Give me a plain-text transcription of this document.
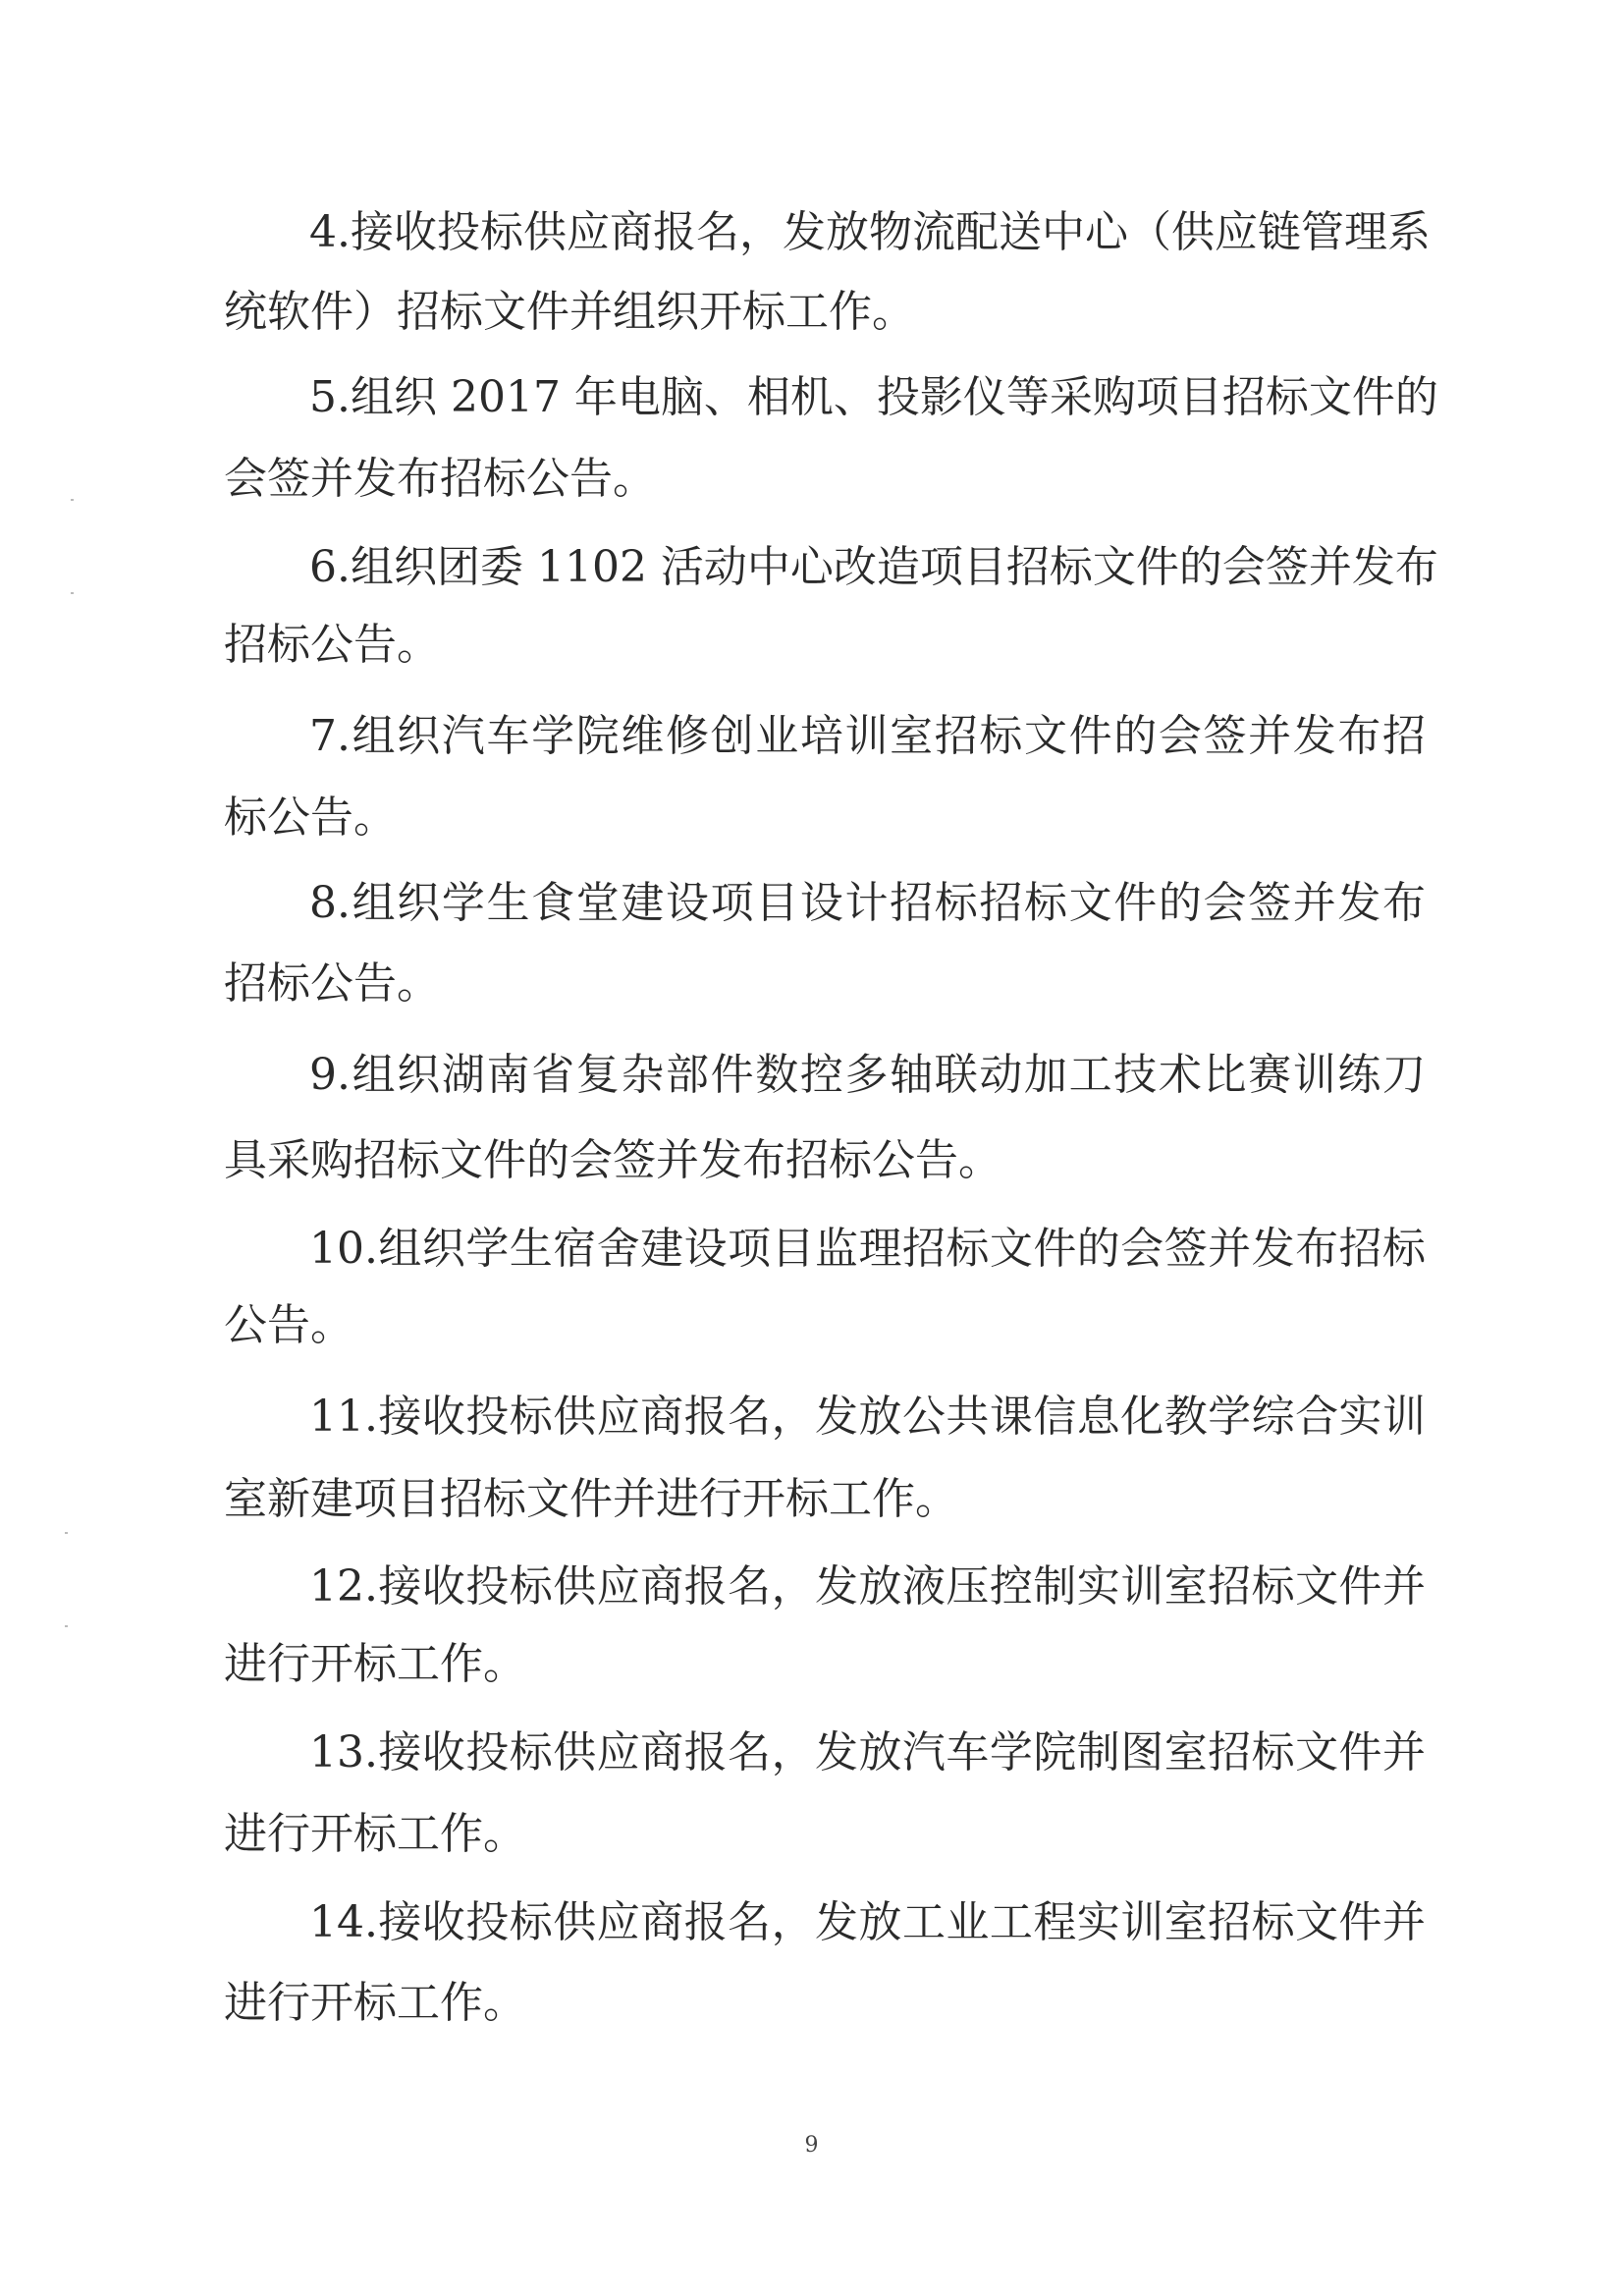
4.接收投标供应商报名，发放物流配送中心（供应链管理系
统软件）招标文件并组织开标工作。
5.组织 2017 年电脑、相机、投影仪等采购项目招标文件的
会签并发布招标公告。
6.组织团委 1102 活动中心改造项目招标文件的会签并发布
招标公告。
7.组织汽车学院维修创业培训室招标文件的会签并发布招
标公告。
8.组织学生食堂建设项目设计招标招标文件的会签并发布
招标公告。
9.组织湖南省复杂部件数控多轴联动加工技术比赛训练刀
具采购招标文件的会签并发布招标公告。
10.组织学生宿舍建设项目监理招标文件的会签并发布招标
公告。
11.接收投标供应商报名，发放公共课信息化教学综合实训
室新建项目招标文件并进行开标工作。
12.接收投标供应商报名，发放液压控制实训室招标文件并
进行开标工作。
13.接收投标供应商报名，发放汽车学院制图室招标文件并
进行开标工作。
14.接收投标供应商报名，发放工业工程实训室招标文件并
进行开标工作。
9
